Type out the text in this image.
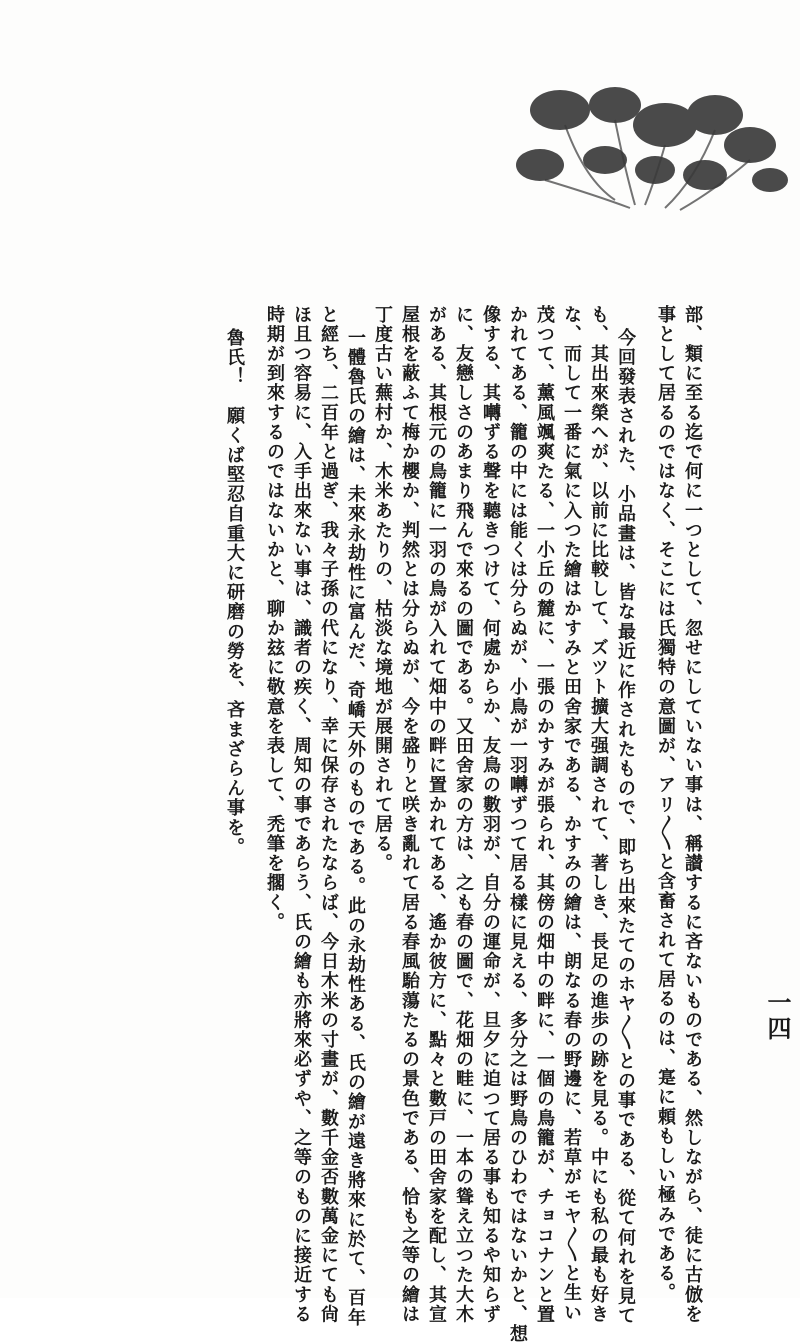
一四
部、類に至る迄で何に一つとして、忽せにしていない事は、稱讃するに吝ないものである、然しながら、徒に古倣を
事として居るのではなく、そこには氏獨特の意圖が、アリ〱と含畜されて居るのは、寔に頼もしい極みである。
今回發表された、小品畫は、皆な最近に作されたもので、即ち出來たてのホヤ〱との事である、從て何れを見て
も、其出來榮へが、以前に比較して、ズツト擴大强調されて、著しき、長足の進歩の跡を見る。中にも私の最も好き
な、而して一番に氣に入つた繪はかすみと田舍家である、かすみの繪は、朗なる春の野邊に、若草がモヤ〱と生い
茂つて、薰風颯爽たる、一小丘の麓に、一張のかすみが張られ、其傍の畑中の畔に、一個の鳥籠が、チョコナンと置
かれてある、籠の中には能くは分らぬが、小鳥が一羽囀ずつて居る樣に見える、多分之は野鳥のひわではないかと、想
像する、其囀ずる聲を聽きつけて、何處からか、友鳥の數羽が、自分の運命が、旦夕に迫つて居る事も知るや知らず
に、友戀しさのあまり飛んで來るの圖である。又田舍家の方は、之も春の圖で、花畑の畦に、一本の聳え立つた大木
がある、其根元の鳥籠に一羽の鳥が入れて畑中の畔に置かれてある、遙か彼方に、點々と數戸の田舍家を配し、其宣
屋根を蔽ふて梅か櫻か、判然とは分らぬが、今を盛りと咲き亂れて居る春風駘蕩たるの景色である、恰も之等の繪は
丁度古い蕪村か、木米あたりの、枯淡な境地が展開されて居る。
一體魯氏の繪は、未來永劫性に富んだ、奇嶠天外のものである。此の永劫性ある、氏の繪が遠き將來に於て、百年
と經ち、二百年と過ぎ、我々子孫の代になり、幸に保存されたならば、今日木米の寸畫が、數千金否數萬金にても尙
ほ且つ容易に、入手出來ない事は、識者の疾く、周知の事であらう、氏の繪も亦將來必ずや、之等のものに接近する
時期が到來するのではないかと、聊か玆に敬意を表して、禿筆を擱く。
魯氏！　願くば堅忍自重大に研磨の勞を、吝まざらん事を。
